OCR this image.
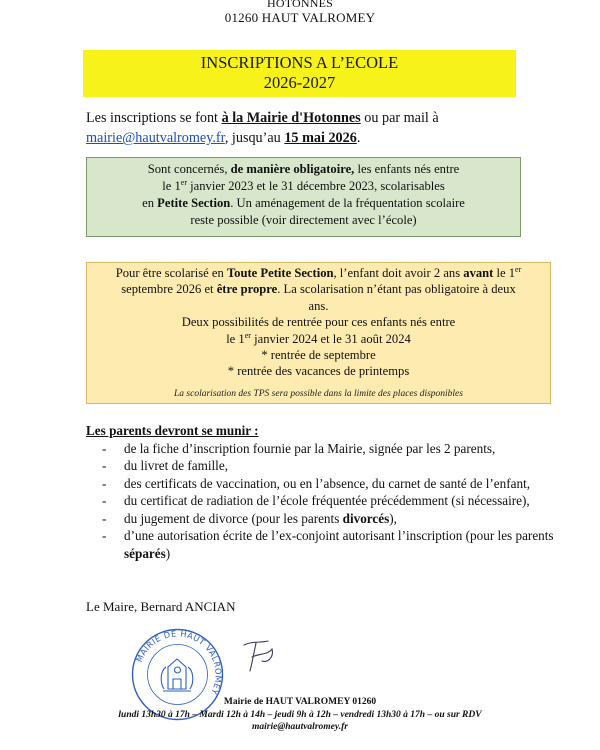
HOTONNES
01260 HAUT VALROMEY
INSCRIPTIONS A L’ECOLE
2026-2027
Les inscriptions se font à la Mairie d'Hotonnes ou par mail à
mairie@hautvalromey.fr, jusqu’au 15 mai 2026.
Sont concernés, de manière obligatoire, les enfants nés entre
le 1er janvier 2023 et le 31 décembre 2023, scolarisables
en Petite Section. Un aménagement de la fréquentation scolaire
reste possible (voir directement avec l’école)
Pour être scolarisé en Toute Petite Section, l’enfant doit avoir 2 ans avant le 1er
septembre 2026 et être propre. La scolarisation n’étant pas obligatoire à deux
ans.
Deux possibilités de rentrée pour ces enfants nés entre
le 1er janvier 2024 et le 31 août 2024
* rentrée de septembre
* rentrée des vacances de printemps
La scolarisation des TPS sera possible dans la limite des places disponibles
Les parents devront se munir :
- de la fiche d’inscription fournie par la Mairie, signée par les 2 parents,
- du livret de famille,
- des certificats de vaccination, ou en l’absence, du carnet de santé de l’enfant,
- du certificat de radiation de l’école fréquentée précédemment (si nécessaire),
- du jugement de divorce (pour les parents divorcés),
- d’une autorisation écrite de l’ex-conjoint autorisant l’inscription (pour les parents séparés)
Le Maire, Bernard ANCIAN
MAIRIE DE HAUT VALROMEY
Mairie de HAUT VALROMEY 01260
lundi 13h30 à 17h – Mardi 12h à 14h – jeudi 9h à 12h – vendredi 13h30 à 17h – ou sur RDV
mairie@hautvalromey.fr
